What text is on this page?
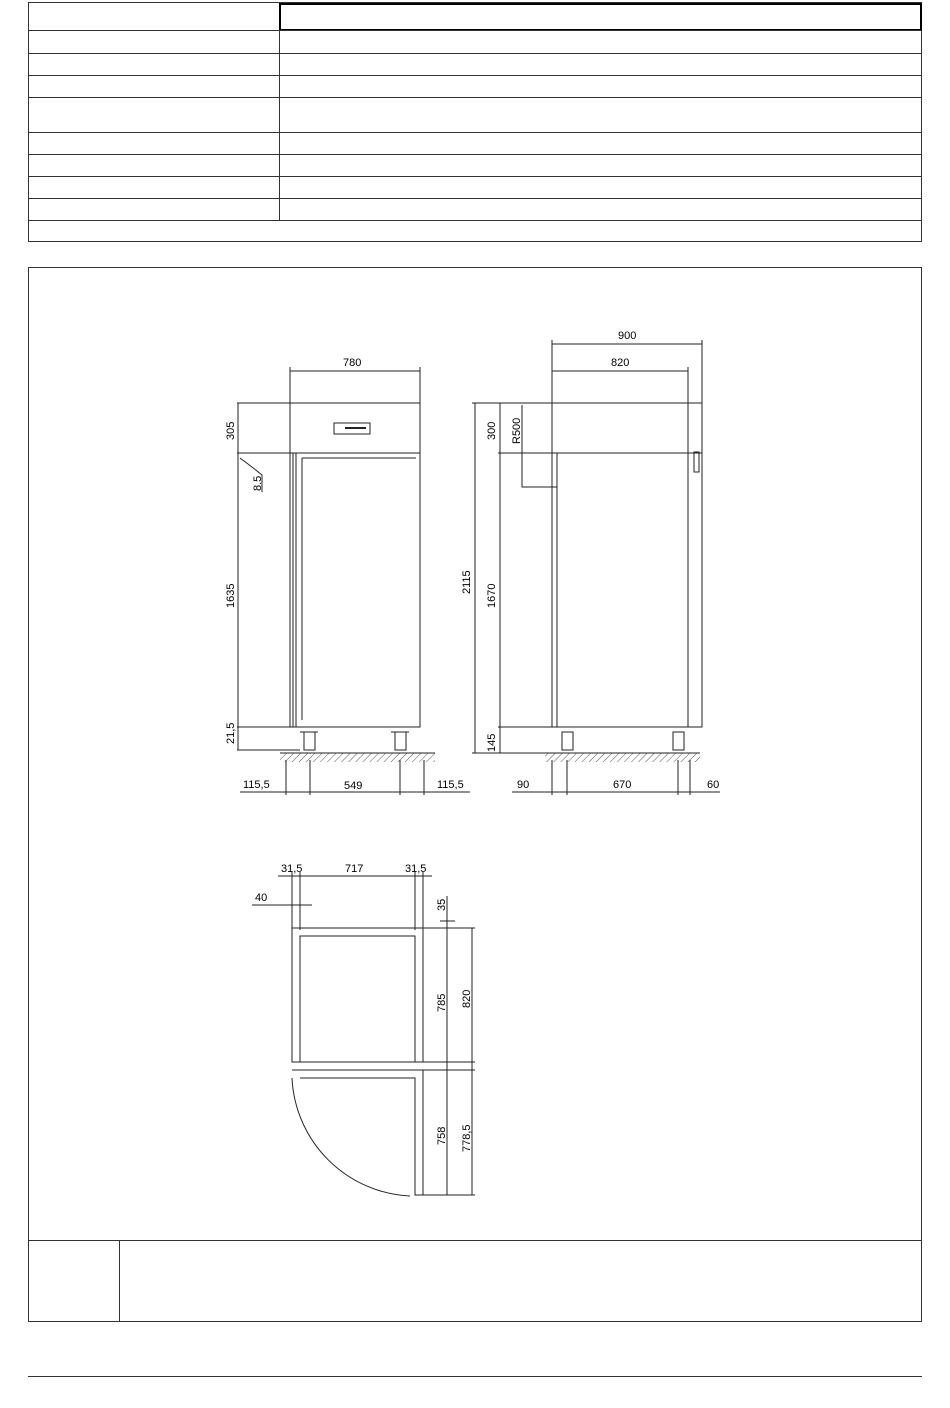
780
305
8.5
1635
21,5
115,5	549	115,5
900
820
300 R500
2115
1670
145
90	670	60
31,5	717	31,5
40
35
785 820
758 778,5
